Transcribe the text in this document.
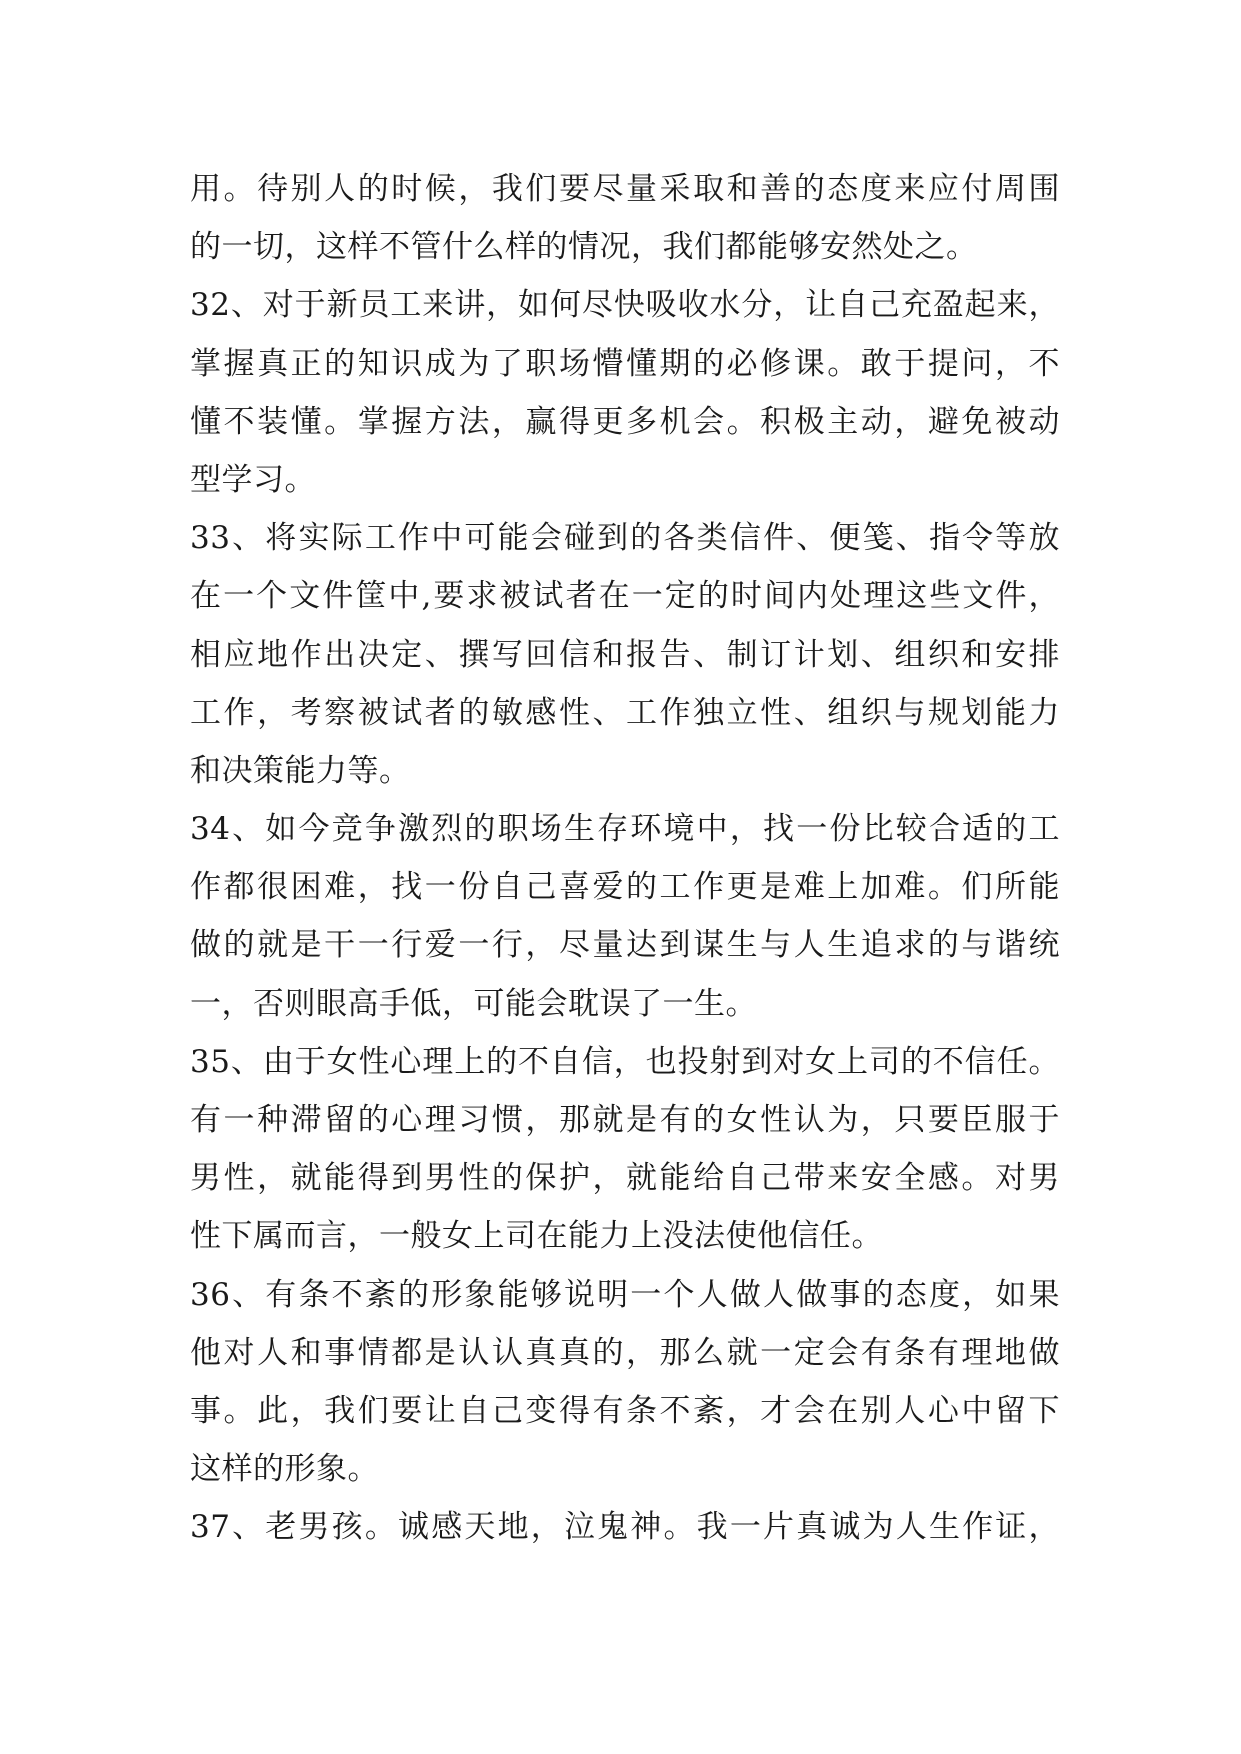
用。待别人的时候，我们要尽量采取和善的态度来应付周围
的一切，这样不管什么样的情况，我们都能够安然处之。
32、对于新员工来讲，如何尽快吸收水分，让自己充盈起来，
掌握真正的知识成为了职场懵懂期的必修课。敢于提问，不
懂不装懂。掌握方法，赢得更多机会。积极主动，避免被动
型学习。
33、将实际工作中可能会碰到的各类信件、便笺、指令等放
在一个文件筐中,要求被试者在一定的时间内处理这些文件，
相应地作出决定、撰写回信和报告、制订计划、组织和安排
工作，考察被试者的敏感性、工作独立性、组织与规划能力
和决策能力等。
34、如今竞争激烈的职场生存环境中，找一份比较合适的工
作都很困难，找一份自己喜爱的工作更是难上加难。们所能
做的就是干一行爱一行，尽量达到谋生与人生追求的与谐统
一，否则眼高手低，可能会耽误了一生。
35、由于女性心理上的不自信，也投射到对女上司的不信任。
有一种滞留的心理习惯，那就是有的女性认为，只要臣服于
男性，就能得到男性的保护，就能给自己带来安全感。对男
性下属而言，一般女上司在能力上没法使他信任。
36、有条不紊的形象能够说明一个人做人做事的态度，如果
他对人和事情都是认认真真的，那么就一定会有条有理地做
事。此，我们要让自己变得有条不紊，才会在别人心中留下
这样的形象。
37、老男孩。诚感天地，泣鬼神。我一片真诚为人生作证，
